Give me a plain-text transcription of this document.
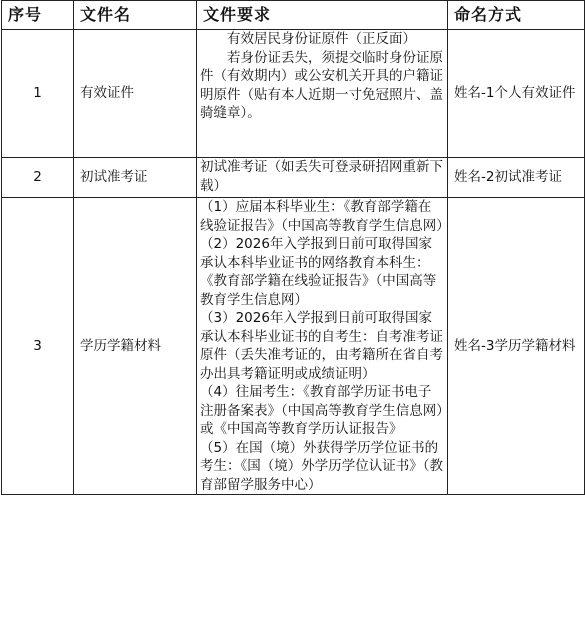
序号	文件名	文件要求	命名方式
1	有效证件	有效居民身份证原件（正反面）

若身份证丢失，须提交临时身份证原件（有效期内）或公安机关开具的户籍证明原件（贴有本人近期一寸免冠照片、盖骑缝章）。	姓名-1个人有效证件
2	初试准考证	初试准考证（如丢失可登录研招网重新下载）	姓名-2初试准考证
3	学历学籍材料	（1）应届本科毕业生：《教育部学籍在线验证报告》（中国高等教育学生信息网）

（2）2026年入学报到日前可取得国家承认本科毕业证书的网络教育本科生：《教育部学籍在线验证报告》（中国高等教育学生信息网）

（3）2026年入学报到日前可取得国家承认本科毕业证书的自考生：自考准考证原件（丢失准考证的，由考籍所在省自考办出具考籍证明或成绩证明）

（4）往届考生：《教育部学历证书电子注册备案表》（中国高等教育学生信息网）或《中国高等教育学历认证报告》

（5）在国（境）外获得学历学位证书的考生：《国（境）外学历学位认证书》（教育部留学服务中心）	姓名-3学历学籍材料
